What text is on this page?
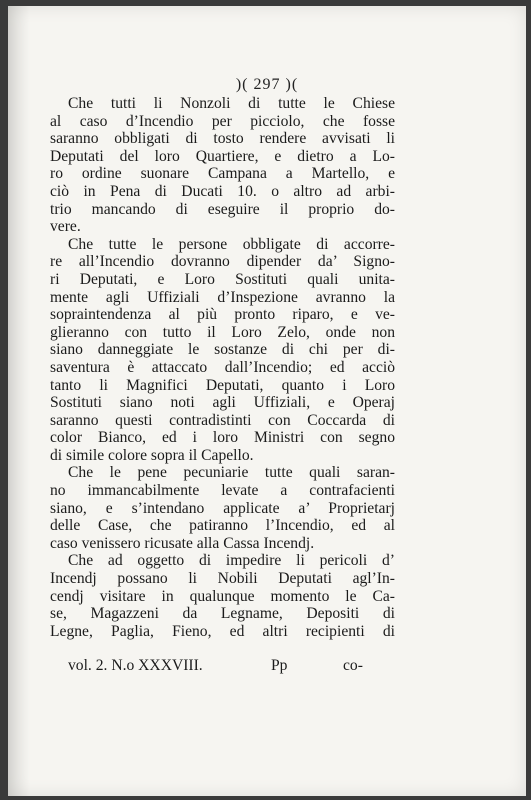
)( 297 )(
Che tutti li Nonzoli di tutte le Chiese
al caso d’Incendio per picciolo, che fosse
saranno obbligati di tosto rendere avvisati li
Deputati del loro Quartiere, e dietro a Lo-
ro ordine suonare Campana a Martello, e
ciò in Pena di Ducati 10. o altro ad arbi-
trio mancando di eseguire il proprio do-
vere.
Che tutte le persone obbligate di accorre-
re all’Incendio dovranno dipender da’ Signo-
ri Deputati, e Loro Sostituti quali unita-
mente agli Uffiziali d’Inspezione avranno la
sopraintendenza al più pronto riparo, e ve-
glieranno con tutto il Loro Zelo, onde non
siano danneggiate le sostanze di chi per di-
saventura è attaccato dall’Incendio; ed acciò
tanto li Magnifici Deputati, quanto i Loro
Sostituti siano noti agli Uffiziali, e Operaj
saranno questi contradistinti con Coccarda di
color Bianco, ed i loro Ministri con segno
di simile colore sopra il Capello.
Che le pene pecuniarie tutte quali saran-
no immancabilmente levate a contrafacienti
siano, e s’intendano applicate a’ Proprietarj
delle Case, che patiranno l’Incendio, ed al
caso venissero ricusate alla Cassa Incendj.
Che ad oggetto di impedire li pericoli d’
Incendj possano li Nobili Deputati agl’In-
cendj visitare in qualunque momento le Ca-
se, Magazzeni da Legname, Depositi di
Legne, Paglia, Fieno, ed altri recipienti di
vol. 2. N.o XXXVIII.	Pp	co-
